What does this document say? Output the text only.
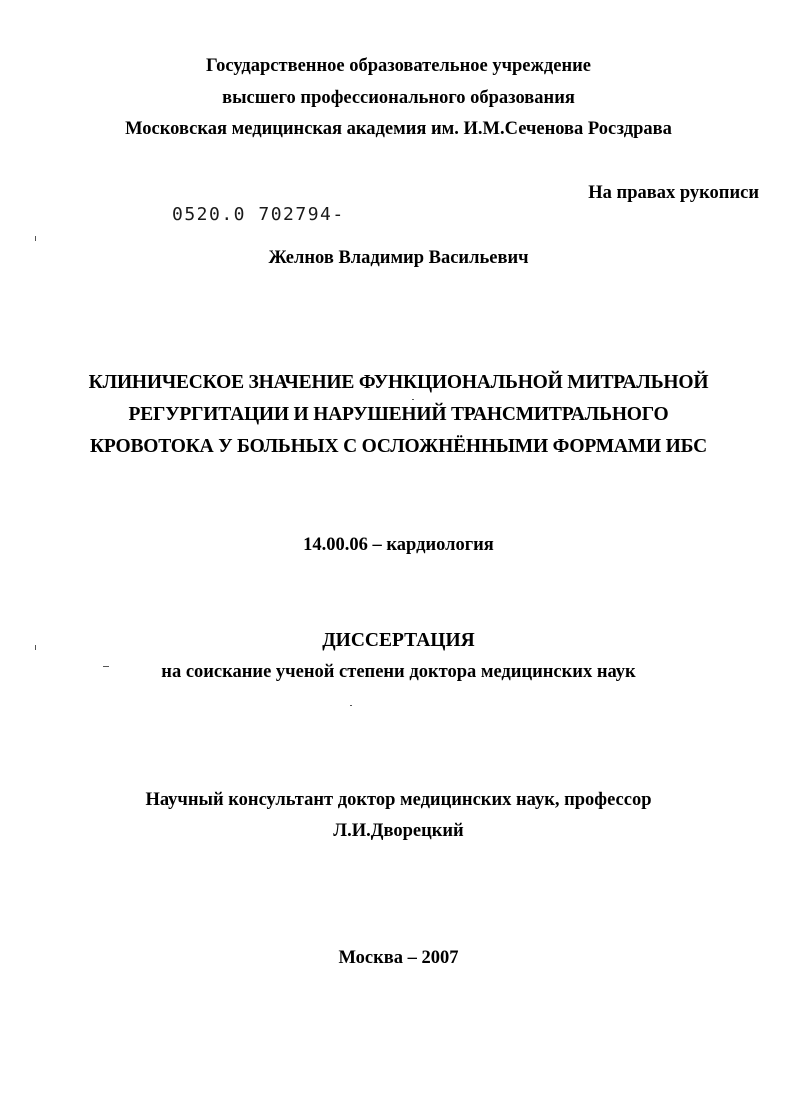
Государственное образовательное учреждение
высшего профессионального образования
Московская медицинская академия им. И.М.Сеченова Росздрава
На правах рукописи
0520.0 702794-
Желнов Владимир Васильевич
КЛИНИЧЕСКОЕ ЗНАЧЕНИЕ ФУНКЦИОНАЛЬНОЙ МИТРАЛЬНОЙ
РЕГУРГИТАЦИИ И НАРУШЕНИЙ ТРАНСМИТРАЛЬНОГО
КРОВОТОКА У БОЛЬНЫХ С ОСЛОЖНЁННЫМИ ФОРМАМИ ИБС
14.00.06 – кардиология
ДИССЕРТАЦИЯ
на соискание ученой степени доктора медицинских наук
Научный консультант доктор медицинских наук, профессор
Л.И.Дворецкий
Москва – 2007
